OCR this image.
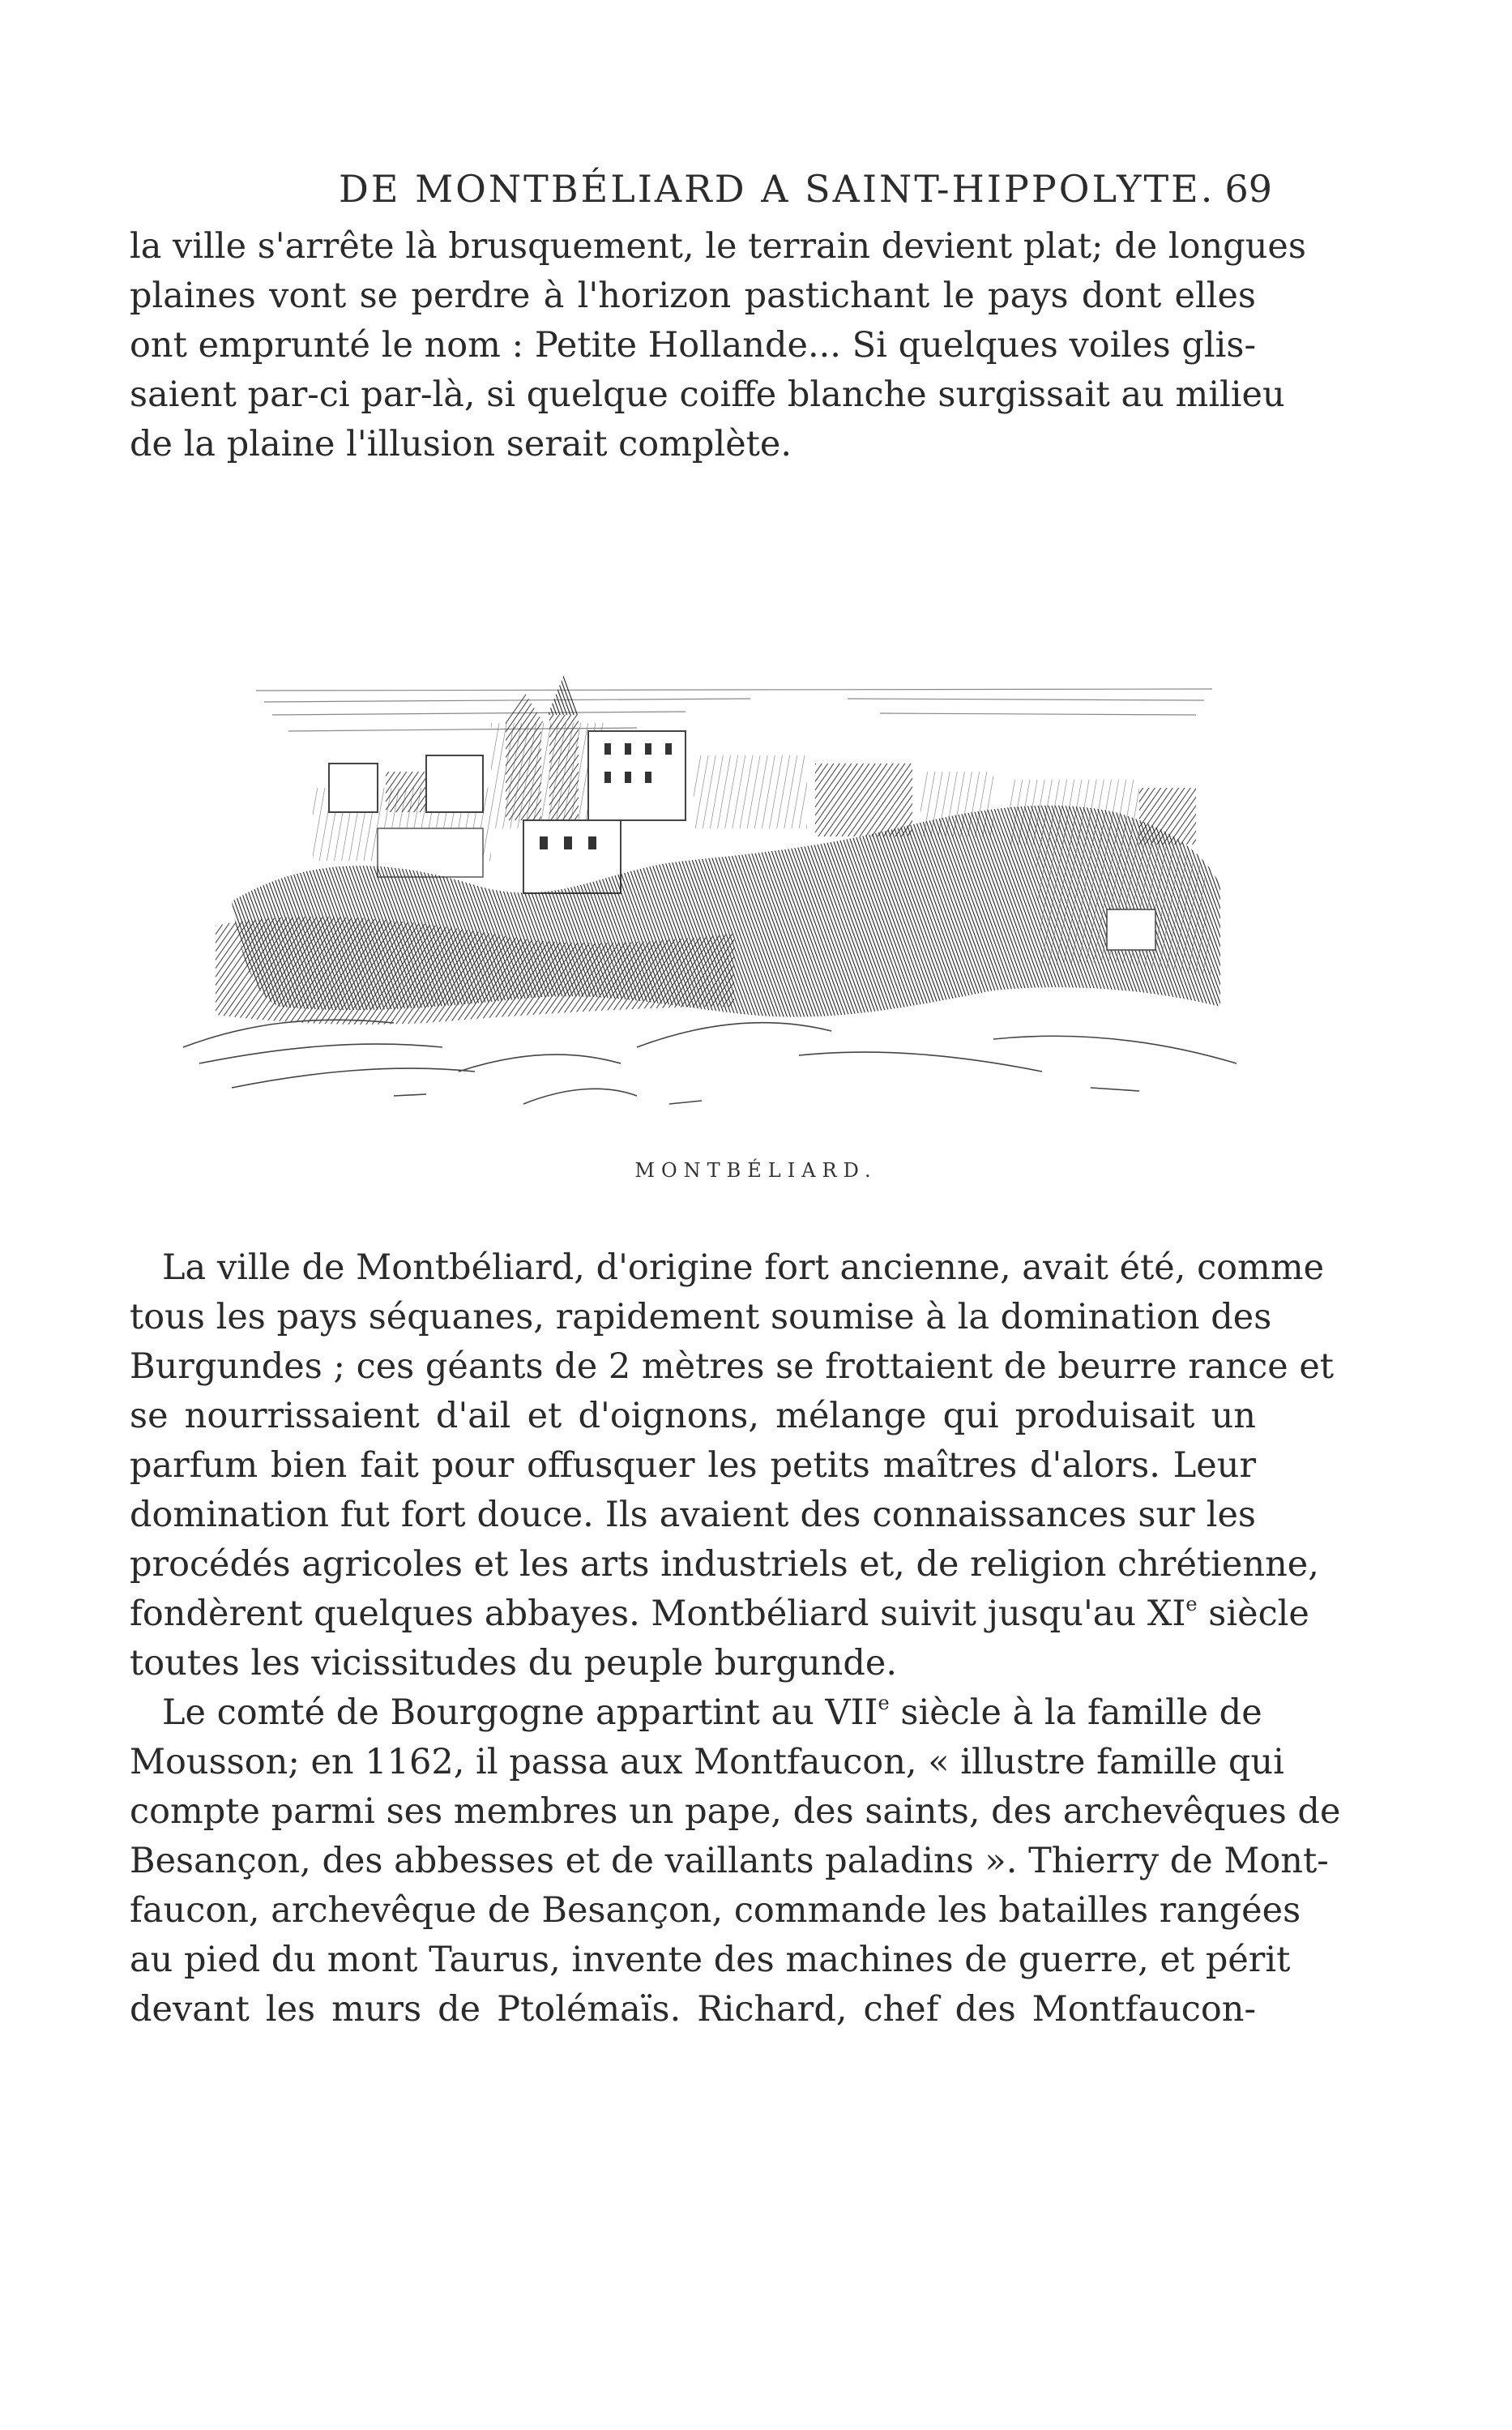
DE MONTBÉLIARD A SAINT-HIPPOLYTE. 69
la ville s'arrête là brusquement, le terrain devient plat; de longues
plaines vont se perdre à l'horizon pastichant le pays dont elles
ont emprunté le nom : Petite Hollande... Si quelques voiles glis-
saient par-ci par-là, si quelque coiffe blanche surgissait au milieu
de la plaine l'illusion serait complète.
MONTBÉLIARD.
La ville de Montbéliard, d'origine fort ancienne, avait été, comme
tous les pays séquanes, rapidement soumise à la domination des
Burgundes ; ces géants de 2 mètres se frottaient de beurre rance et
se nourrissaient d'ail et d'oignons, mélange qui produisait un
parfum bien fait pour offusquer les petits maîtres d'alors. Leur
domination fut fort douce. Ils avaient des connaissances sur les
procédés agricoles et les arts industriels et, de religion chrétienne,
fondèrent quelques abbayes. Montbéliard suivit jusqu'au XIe siècle
toutes les vicissitudes du peuple burgunde.
Le comté de Bourgogne appartint au VIIe siècle à la famille de
Mousson; en 1162, il passa aux Montfaucon, « illustre famille qui
compte parmi ses membres un pape, des saints, des archevêques de
Besançon, des abbesses et de vaillants paladins ». Thierry de Mont-
faucon, archevêque de Besançon, commande les batailles rangées
au pied du mont Taurus, invente des machines de guerre, et périt
devant les murs de Ptolémaïs. Richard, chef des Montfaucon-
